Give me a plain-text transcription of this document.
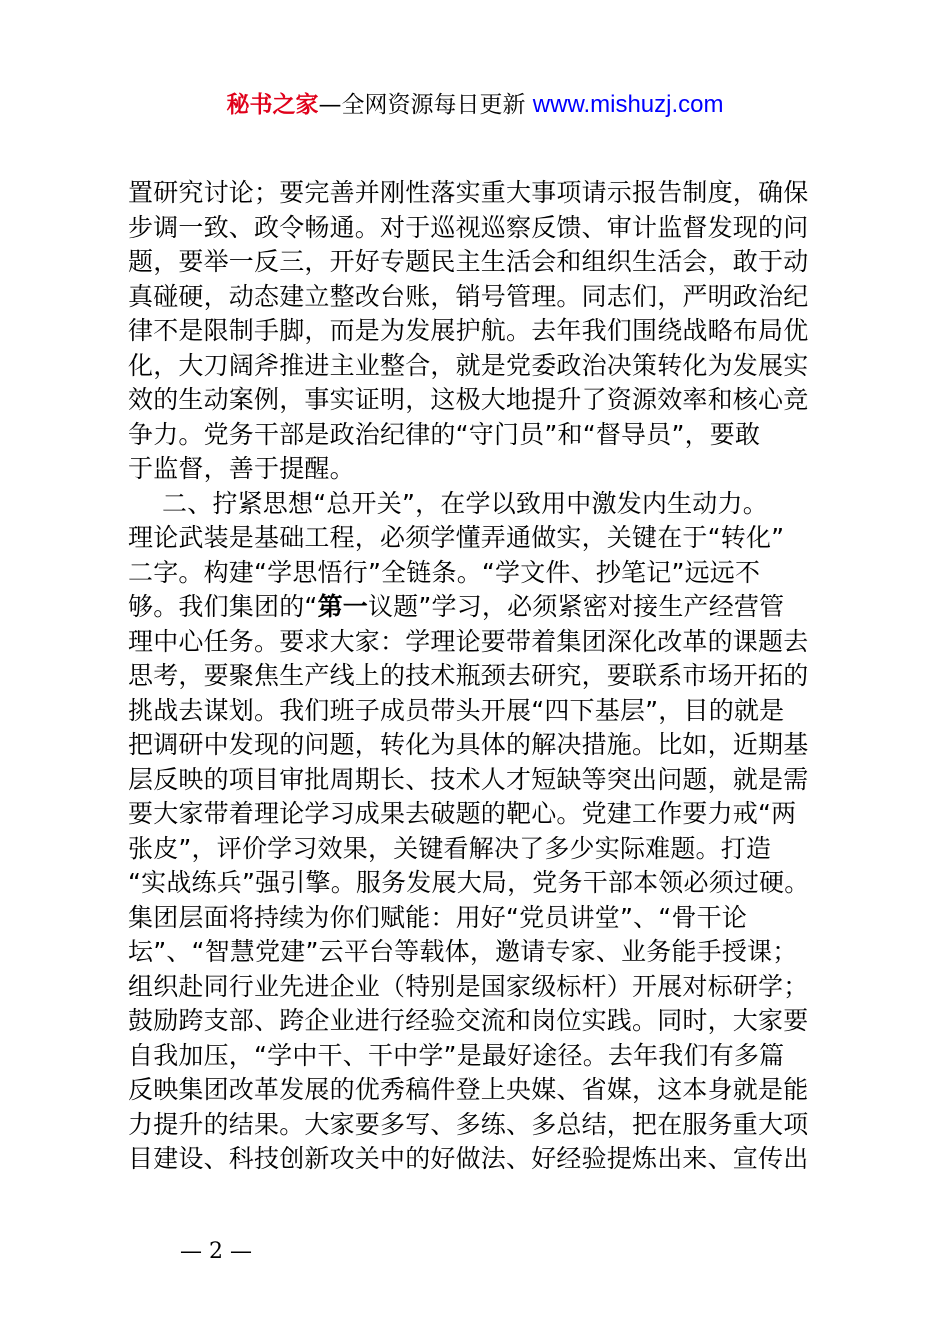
秘书之家—全网资源每日更新 www.mishuzj.com
置研究讨论；要完善并刚性落实重大事项请示报告制度，确保
步调一致、政令畅通。对于巡视巡察反馈、审计监督发现的问
题，要举一反三，开好专题民主生活会和组织生活会，敢于动
真碰硬，动态建立整改台账，销号管理。同志们，严明政治纪
律不是限制手脚，而是为发展护航。去年我们围绕战略布局优
化，大刀阔斧推进主业整合，就是党委政治决策转化为发展实
效的生动案例，事实证明，这极大地提升了资源效率和核心竞
争力。党务干部是政治纪律的“守门员”和“督导员”，要敢
于监督，善于提醒。
二、拧紧思想“总开关”，在学以致用中激发内生动力。
理论武装是基础工程，必须学懂弄通做实，关键在于“转化”
二字。构建“学思悟行”全链条。“学文件、抄笔记”远远不
够。我们集团的“第一议题”学习，必须紧密对接生产经营管
理中心任务。要求大家：学理论要带着集团深化改革的课题去
思考，要聚焦生产线上的技术瓶颈去研究，要联系市场开拓的
挑战去谋划。我们班子成员带头开展“四下基层”，目的就是
把调研中发现的问题，转化为具体的解决措施。比如，近期基
层反映的项目审批周期长、技术人才短缺等突出问题，就是需
要大家带着理论学习成果去破题的靶心。党建工作要力戒“两
张皮”，评价学习效果，关键看解决了多少实际难题。打造
“实战练兵”强引擎。服务发展大局，党务干部本领必须过硬。
集团层面将持续为你们赋能：用好“党员讲堂”、“骨干论
坛”、“智慧党建”云平台等载体，邀请专家、业务能手授课；
组织赴同行业先进企业（特别是国家级标杆）开展对标研学；
鼓励跨支部、跨企业进行经验交流和岗位实践。同时，大家要
自我加压，“学中干、干中学”是最好途径。去年我们有多篇
反映集团改革发展的优秀稿件登上央媒、省媒，这本身就是能
力提升的结果。大家要多写、多练、多总结，把在服务重大项
目建设、科技创新攻关中的好做法、好经验提炼出来、宣传出
— 2 —
